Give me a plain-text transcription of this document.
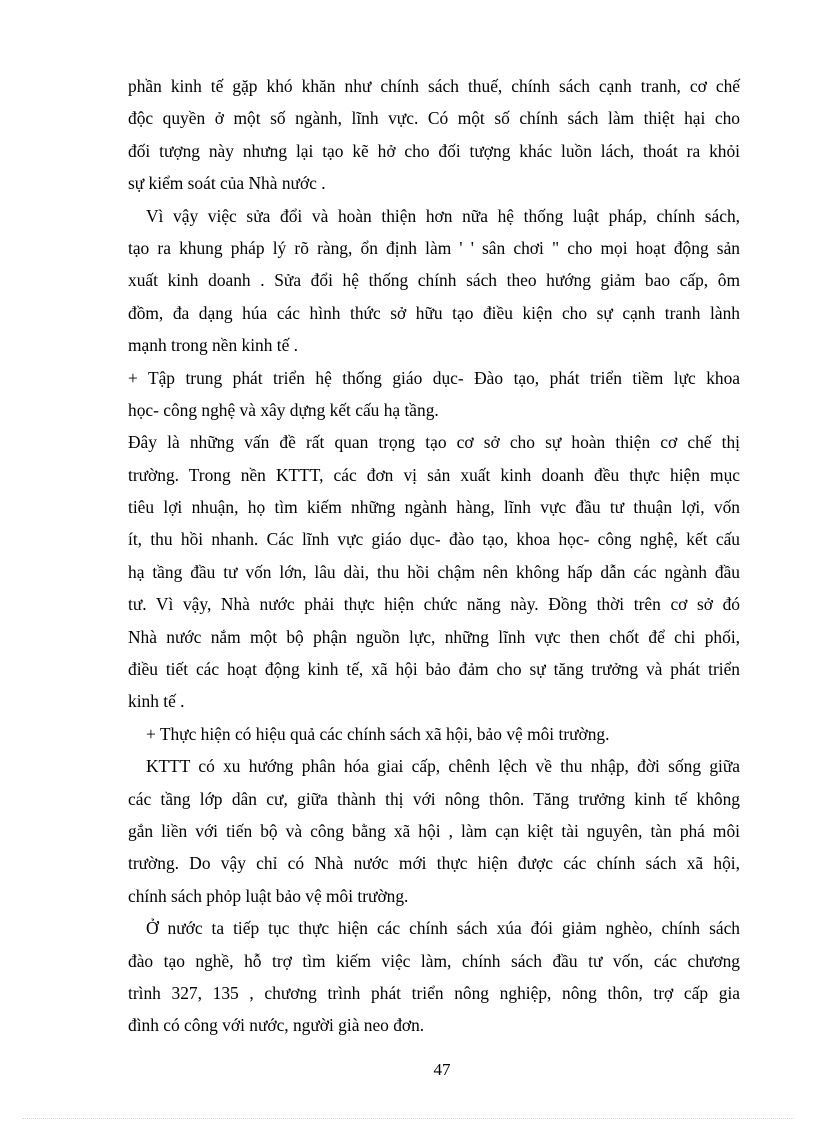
phần kinh tế gặp khó khăn như chính sách thuế, chính sách cạnh tranh, cơ chế
độc quyền ở một số ngành, lĩnh vực. Có một số chính sách làm thiệt hại cho
đối tượng này nhưng lại tạo kẽ hở cho đối tượng khác luồn lách, thoát ra khỏi
sự kiểm soát của Nhà nước .
Vì vậy việc sửa đổi và hoàn thiện hơn nữa hệ thống luật pháp, chính sách,
tạo ra khung pháp lý rõ ràng, ổn định làm ' ' sân chơi " cho mọi hoạt động sản
xuất kinh doanh . Sửa đổi hệ thống chính sách theo hướng giảm bao cấp, ôm
đồm, đa dạng húa các hình thức sở hữu tạo điều kiện cho sự cạnh tranh lành
mạnh trong nền kinh tế .
+ Tập trung phát triển hệ thống giáo dục- Đào tạo, phát triển tiềm lực khoa
học- công nghệ và xây dựng kết cấu hạ tầng.
Đây là những vấn đề rất quan trọng tạo cơ sở cho sự hoàn thiện cơ chế thị
trường. Trong nền KTTT, các đơn vị sản xuất kinh doanh đều thực hiện mục
tiêu lợi nhuận, họ tìm kiếm những ngành hàng, lĩnh vực đầu tư thuận lợi, vốn
ít, thu hồi nhanh. Các lĩnh vực giáo dục- đào tạo, khoa học- công nghệ, kết cấu
hạ tầng đầu tư vốn lớn, lâu dài, thu hồi chậm nên không hấp dẫn các ngành đầu
tư. Vì vậy, Nhà nước phải thực hiện chức năng này. Đồng thời trên cơ sở đó
Nhà nước nắm một bộ phận nguồn lực, những lĩnh vực then chốt để chi phối,
điều tiết các hoạt động kinh tế, xã hội bảo đảm cho sự tăng trưởng và phát triển
kinh tế .
+ Thực hiện có hiệu quả các chính sách xã hội, bảo vệ môi trường.
KTTT có xu hướng phân hóa giai cấp, chênh lệch về thu nhập, đời sống giữa
các tầng lớp dân cư, giữa thành thị với nông thôn. Tăng trưởng kinh tế không
gắn liền với tiến bộ và công bằng xã hội , làm cạn kiệt tài nguyên, tàn phá môi
trường. Do vậy chỉ có Nhà nước mới thực hiện được các chính sách xã hội,
chính sách phỏp luật bảo vệ môi trường.
Ở nước ta tiếp tục thực hiện các chính sách xúa đói giảm nghèo, chính sách
đào tạo nghề, hỗ trợ tìm kiếm việc làm, chính sách đầu tư vốn, các chương
trình 327, 135 , chương trình phát triển nông nghiệp, nông thôn, trợ cấp gia
đình có công với nước, người già neo đơn.
47
